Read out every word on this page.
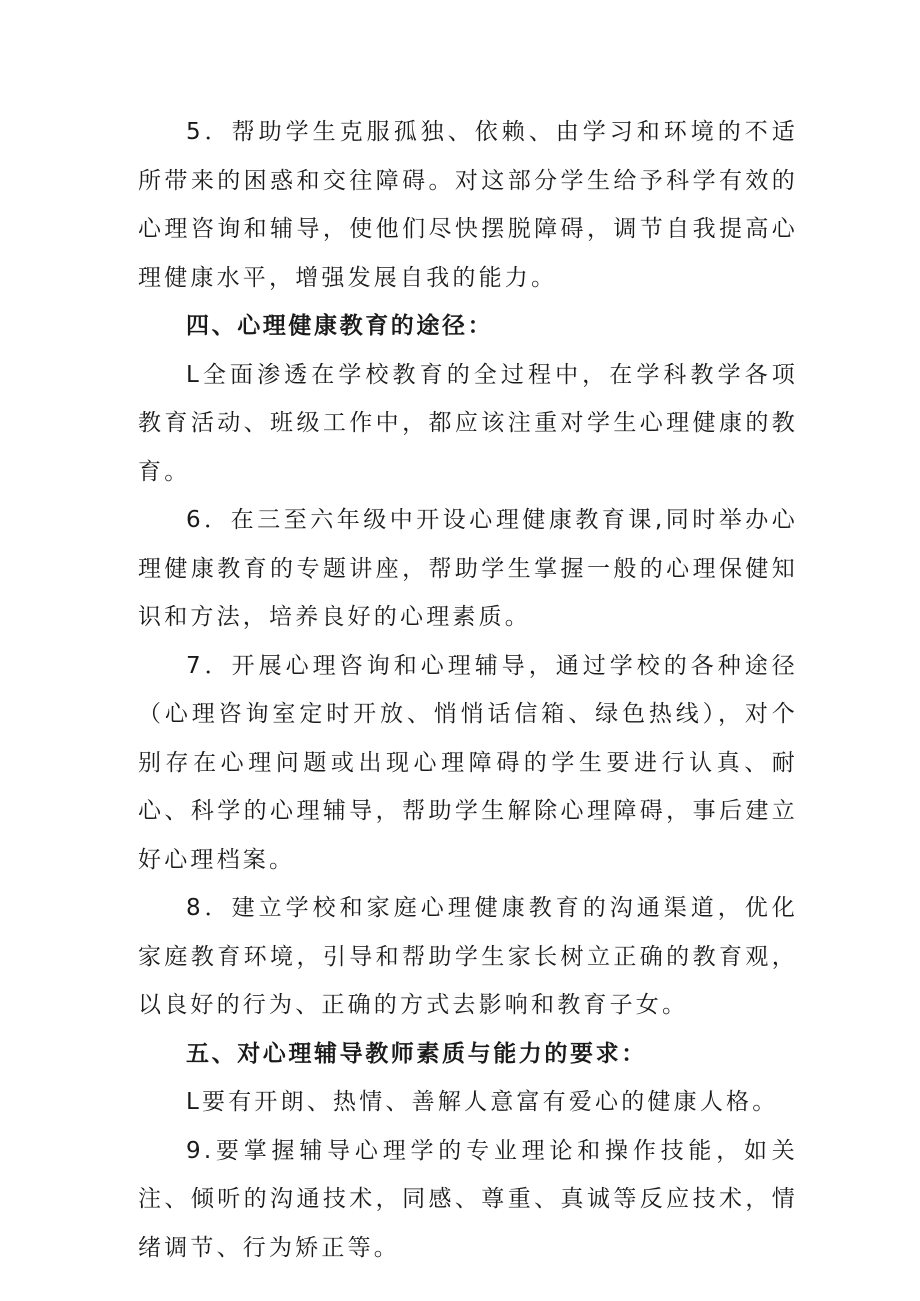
5．帮助学生克服孤独、依赖、由学习和环境的不适所带来的困惑和交往障碍。对这部分学生给予科学有效的心理咨询和辅导，使他们尽快摆脱障碍，调节自我提高心理健康水平，增强发展自我的能力。

四、心理健康教育的途径：

L全面渗透在学校教育的全过程中，在学科教学各项教育活动、班级工作中，都应该注重对学生心理健康的教育。

6．在三至六年级中开设心理健康教育课,同时举办心理健康教育的专题讲座，帮助学生掌握一般的心理保健知识和方法，培养良好的心理素质。

7．开展心理咨询和心理辅导，通过学校的各种途径（心理咨询室定时开放、悄悄话信箱、绿色热线），对个别存在心理问题或出现心理障碍的学生要进行认真、耐心、科学的心理辅导，帮助学生解除心理障碍，事后建立好心理档案。

8．建立学校和家庭心理健康教育的沟通渠道，优化家庭教育环境，引导和帮助学生家长树立正确的教育观，以良好的行为、正确的方式去影响和教育子女。

五、对心理辅导教师素质与能力的要求：

L要有开朗、热情、善解人意富有爱心的健康人格。

9.要掌握辅导心理学的专业理论和操作技能，如关注、倾听的沟通技术，同感、尊重、真诚等反应技术，情绪调节、行为矫正等。
